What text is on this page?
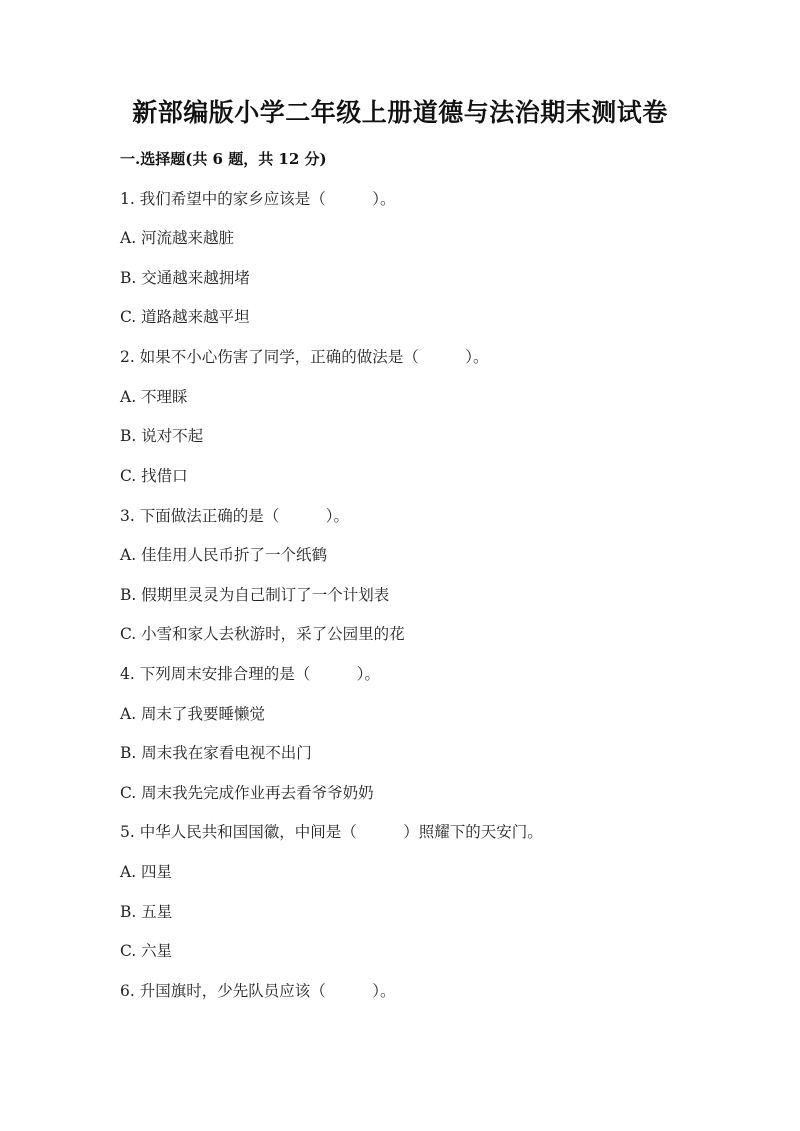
新部编版小学二年级上册道德与法治期末测试卷
一.选择题(共 6 题，共 12 分)
1. 我们希望中的家乡应该是（　　　）。
A. 河流越来越脏
B. 交通越来越拥堵
C. 道路越来越平坦
2. 如果不小心伤害了同学，正确的做法是（　　　）。
A. 不理睬
B. 说对不起
C. 找借口
3. 下面做法正确的是（　　　）。
A. 佳佳用人民币折了一个纸鹤
B. 假期里灵灵为自己制订了一个计划表
C. 小雪和家人去秋游时，采了公园里的花
4. 下列周末安排合理的是（　　　）。
A. 周末了我要睡懒觉
B. 周末我在家看电视不出门
C. 周末我先完成作业再去看爷爷奶奶
5. 中华人民共和国国徽，中间是（　　　）照耀下的天安门。
A. 四星
B. 五星
C. 六星
6. 升国旗时，少先队员应该（　　　）。
